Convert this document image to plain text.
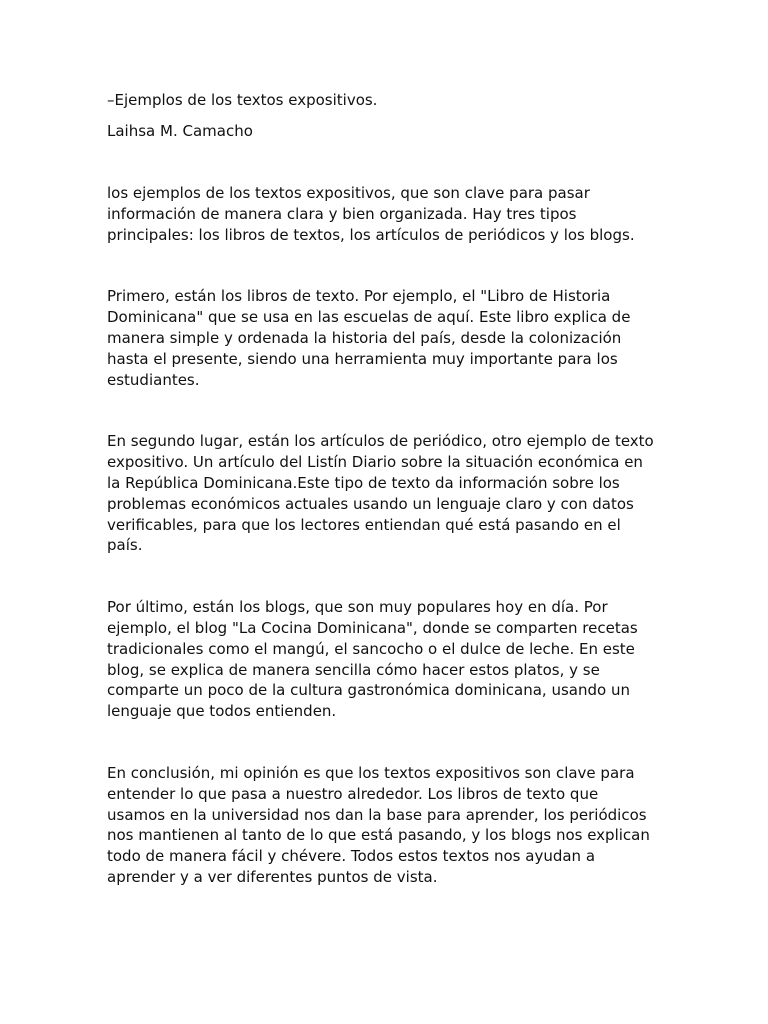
–Ejemplos de los textos expositivos.

Laihsa M. Camacho

los ejemplos de los textos expositivos, que son clave para pasar
información de manera clara y bien organizada. Hay tres tipos
principales: los libros de textos, los artículos de periódicos y los blogs.

Primero, están los libros de texto. Por ejemplo, el "Libro de Historia
Dominicana" que se usa en las escuelas de aquí. Este libro explica de
manera simple y ordenada la historia del país, desde la colonización
hasta el presente, siendo una herramienta muy importante para los
estudiantes.

En segundo lugar, están los artículos de periódico, otro ejemplo de texto
expositivo. Un artículo del Listín Diario sobre la situación económica en
la República Dominicana.Este tipo de texto da información sobre los
problemas económicos actuales usando un lenguaje claro y con datos
verificables, para que los lectores entiendan qué está pasando en el
país.

Por último, están los blogs, que son muy populares hoy en día. Por
ejemplo, el blog "La Cocina Dominicana", donde se comparten recetas
tradicionales como el mangú, el sancocho o el dulce de leche. En este
blog, se explica de manera sencilla cómo hacer estos platos, y se
comparte un poco de la cultura gastronómica dominicana, usando un
lenguaje que todos entienden.

En conclusión, mi opinión es que los textos expositivos son clave para
entender lo que pasa a nuestro alrededor. Los libros de texto que
usamos en la universidad nos dan la base para aprender, los periódicos
nos mantienen al tanto de lo que está pasando, y los blogs nos explican
todo de manera fácil y chévere. Todos estos textos nos ayudan a
aprender y a ver diferentes puntos de vista.
